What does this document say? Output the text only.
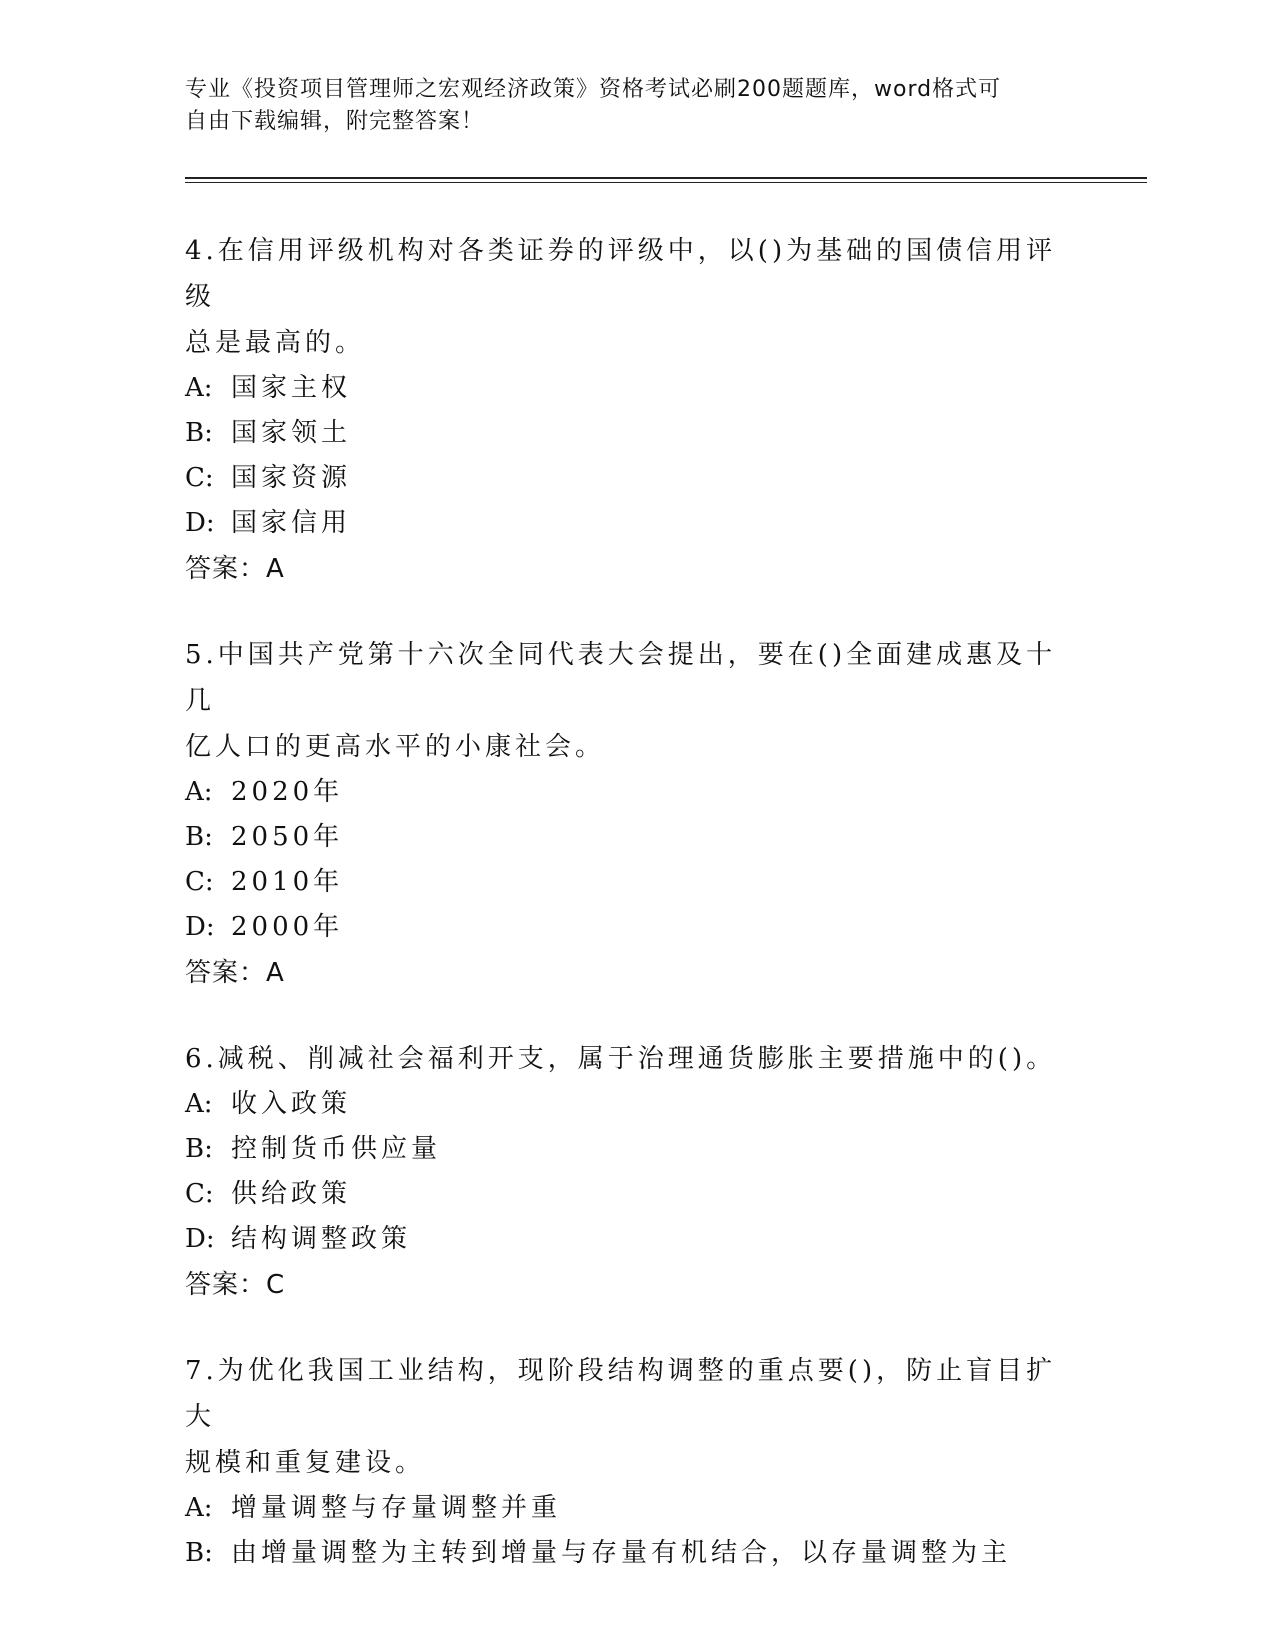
专业《投资项目管理师之宏观经济政策》资格考试必刷200题题库，word格式可
自由下载编辑，附完整答案！
4.在信用评级机构对各类证券的评级中，以()为基础的国债信用评级
总是最高的。
A: 国家主权
B: 国家领土
C: 国家资源
D: 国家信用
答案：A
5.中国共产党第十六次全同代表大会提出，要在()全面建成惠及十几
亿人口的更高水平的小康社会。
A: 2020年
B: 2050年
C: 2010年
D: 2000年
答案：A
6.减税、削减社会福利开支，属于治理通货膨胀主要措施中的()。
A: 收入政策
B: 控制货币供应量
C: 供给政策
D: 结构调整政策
答案：C
7.为优化我国工业结构，现阶段结构调整的重点要()，防止盲目扩大
规模和重复建设。
A: 增量调整与存量调整并重
B: 由增量调整为主转到增量与存量有机结合，以存量调整为主
